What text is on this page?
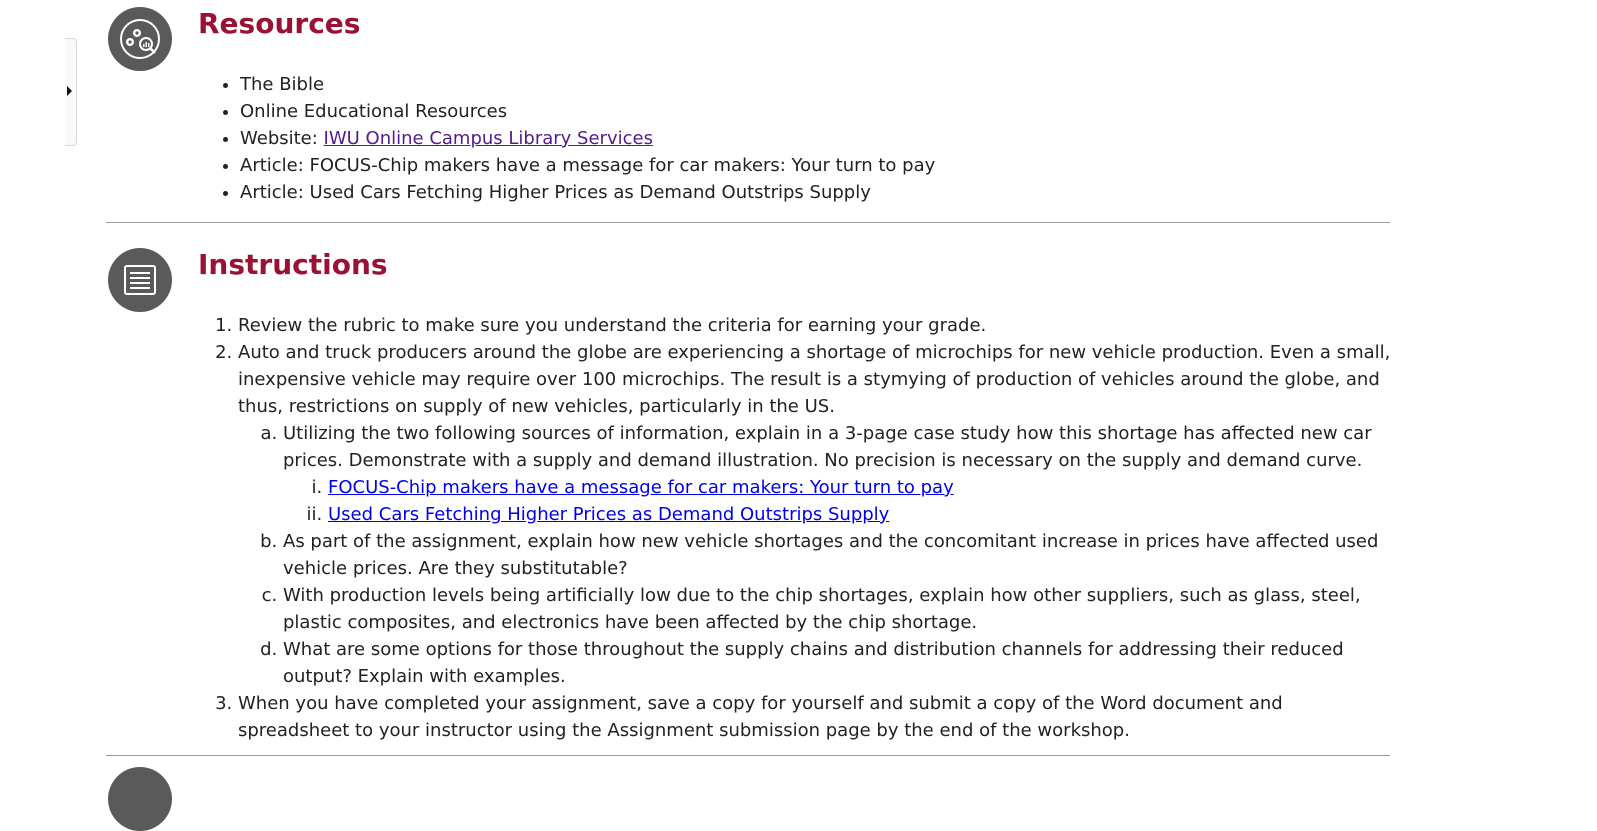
Resources
• The Bible
• Online Educational Resources
• Website: IWU Online Campus Library Services
• Article: FOCUS-Chip makers have a message for car makers: Your turn to pay
• Article: Used Cars Fetching Higher Prices as Demand Outstrips Supply
Instructions
1. Review the rubric to make sure you understand the criteria for earning your grade.
2. Auto and truck producers around the globe are experiencing a shortage of microchips for new vehicle production. Even a small, inexpensive vehicle may require over 100 microchips. The result is a stymying of production of vehicles around the globe, and thus, restrictions on supply of new vehicles, particularly in the US.
a. Utilizing the two following sources of information, explain in a 3-page case study how this shortage has affected new car prices. Demonstrate with a supply and demand illustration. No precision is necessary on the supply and demand curve.
i. FOCUS-Chip makers have a message for car makers: Your turn to pay
ii. Used Cars Fetching Higher Prices as Demand Outstrips Supply
b. As part of the assignment, explain how new vehicle shortages and the concomitant increase in prices have affected used vehicle prices. Are they substitutable?
c. With production levels being artificially low due to the chip shortages, explain how other suppliers, such as glass, steel, plastic composites, and electronics have been affected by the chip shortage.
d. What are some options for those throughout the supply chains and distribution channels for addressing their reduced output? Explain with examples.
3. When you have completed your assignment, save a copy for yourself and submit a copy of the Word document and spreadsheet to your instructor using the Assignment submission page by the end of the workshop.
